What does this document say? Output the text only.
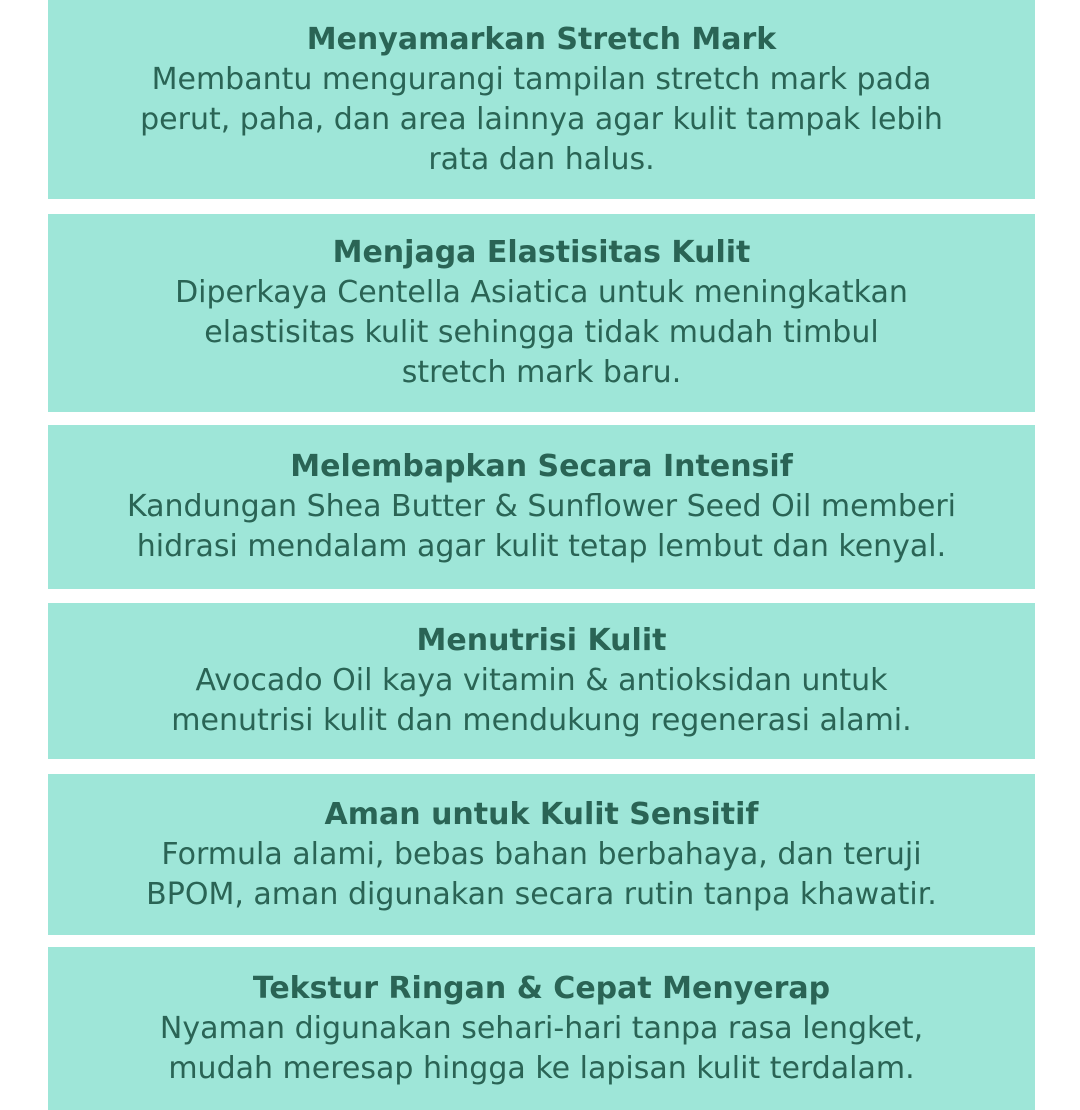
Menyamarkan Stretch Mark
Membantu mengurangi tampilan stretch mark pada
perut, paha, dan area lainnya agar kulit tampak lebih
rata dan halus.
Menjaga Elastisitas Kulit
Diperkaya Centella Asiatica untuk meningkatkan
elastisitas kulit sehingga tidak mudah timbul
stretch mark baru.
Melembapkan Secara Intensif
Kandungan Shea Butter & Sunflower Seed Oil memberi
hidrasi mendalam agar kulit tetap lembut dan kenyal.
Menutrisi Kulit
Avocado Oil kaya vitamin & antioksidan untuk
menutrisi kulit dan mendukung regenerasi alami.
Aman untuk Kulit Sensitif
Formula alami, bebas bahan berbahaya, dan teruji
BPOM, aman digunakan secara rutin tanpa khawatir.
Tekstur Ringan & Cepat Menyerap
Nyaman digunakan sehari-hari tanpa rasa lengket,
mudah meresap hingga ke lapisan kulit terdalam.
